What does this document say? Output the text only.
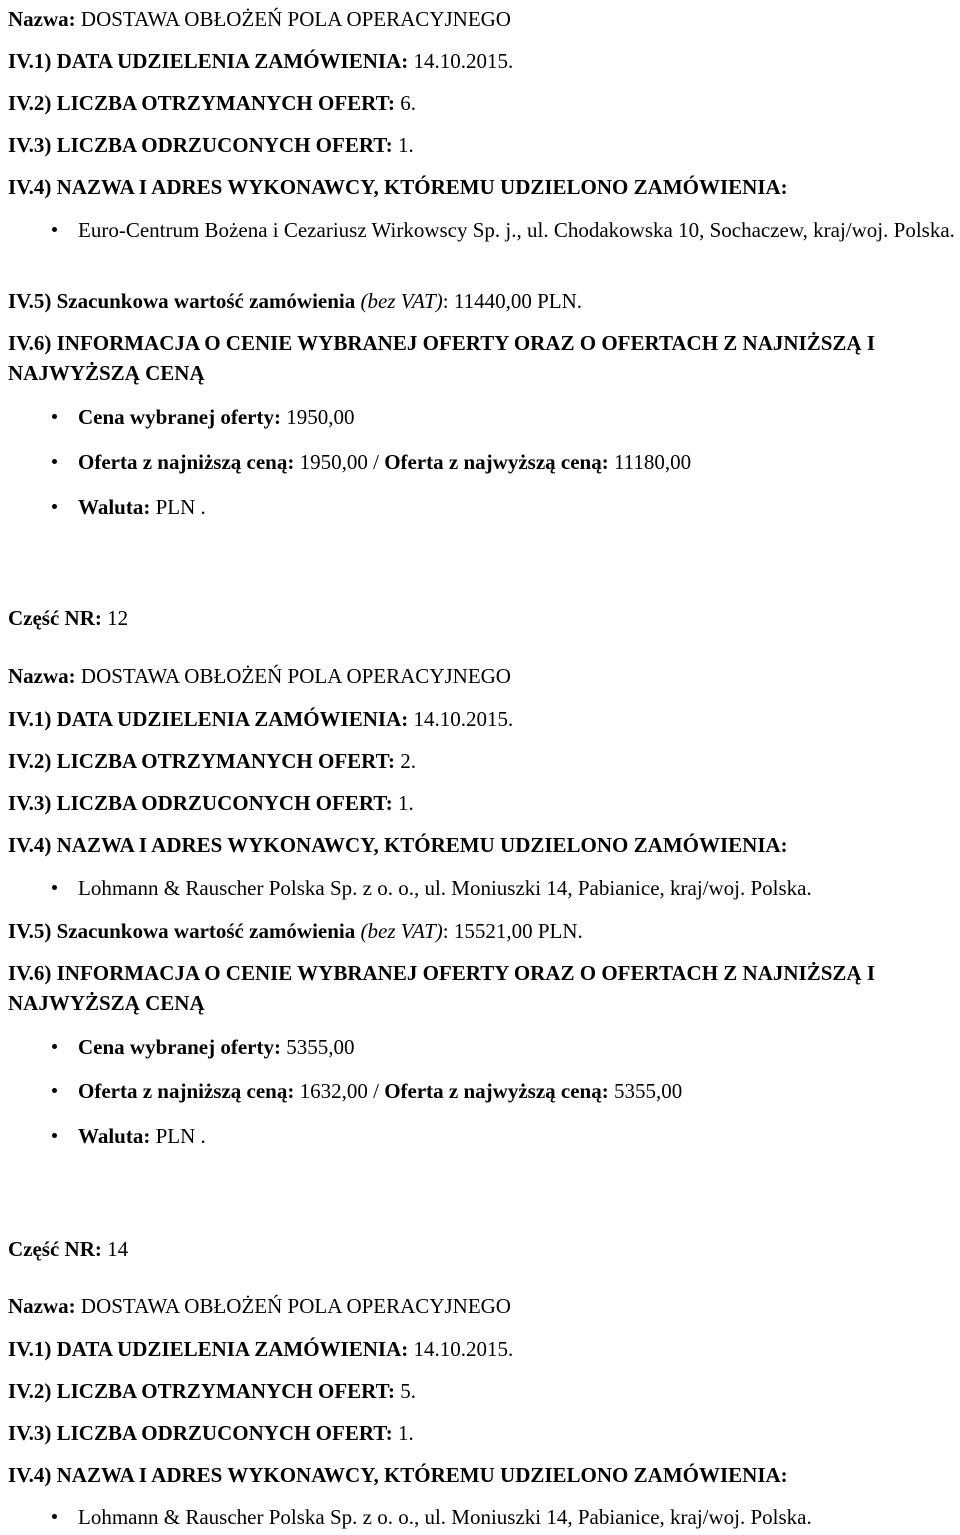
Nazwa: DOSTAWA OBŁOŻEŃ POLA OPERACYJNEGO
IV.1) DATA UDZIELENIA ZAMÓWIENIA: 14.10.2015.
IV.2) LICZBA OTRZYMANYCH OFERT: 6.
IV.3) LICZBA ODRZUCONYCH OFERT: 1.
IV.4) NAZWA I ADRES WYKONAWCY, KTÓREMU UDZIELONO ZAMÓWIENIA:
Euro-Centrum Bożena i Cezariusz Wirkowscy Sp. j., ul. Chodakowska 10, Sochaczew, kraj/woj. Polska.
IV.5) Szacunkowa wartość zamówienia (bez VAT): 11440,00 PLN.
IV.6) INFORMACJA O CENIE WYBRANEJ OFERTY ORAZ O OFERTACH Z NAJNIŻSZĄ I NAJWYŻSZĄ CENĄ
Cena wybranej oferty: 1950,00
Oferta z najniższą ceną: 1950,00 / Oferta z najwyższą ceną: 11180,00
Waluta: PLN .
Część NR: 12
Nazwa: DOSTAWA OBŁOŻEŃ POLA OPERACYJNEGO
IV.1) DATA UDZIELENIA ZAMÓWIENIA: 14.10.2015.
IV.2) LICZBA OTRZYMANYCH OFERT: 2.
IV.3) LICZBA ODRZUCONYCH OFERT: 1.
IV.4) NAZWA I ADRES WYKONAWCY, KTÓREMU UDZIELONO ZAMÓWIENIA:
Lohmann & Rauscher Polska Sp. z o. o., ul. Moniuszki 14, Pabianice, kraj/woj. Polska.
IV.5) Szacunkowa wartość zamówienia (bez VAT): 15521,00 PLN.
IV.6) INFORMACJA O CENIE WYBRANEJ OFERTY ORAZ O OFERTACH Z NAJNIŻSZĄ I NAJWYŻSZĄ CENĄ
Cena wybranej oferty: 5355,00
Oferta z najniższą ceną: 1632,00 / Oferta z najwyższą ceną: 5355,00
Waluta: PLN .
Część NR: 14
Nazwa: DOSTAWA OBŁOŻEŃ POLA OPERACYJNEGO
IV.1) DATA UDZIELENIA ZAMÓWIENIA: 14.10.2015.
IV.2) LICZBA OTRZYMANYCH OFERT: 5.
IV.3) LICZBA ODRZUCONYCH OFERT: 1.
IV.4) NAZWA I ADRES WYKONAWCY, KTÓREMU UDZIELONO ZAMÓWIENIA:
Lohmann & Rauscher Polska Sp. z o. o., ul. Moniuszki 14, Pabianice, kraj/woj. Polska.
